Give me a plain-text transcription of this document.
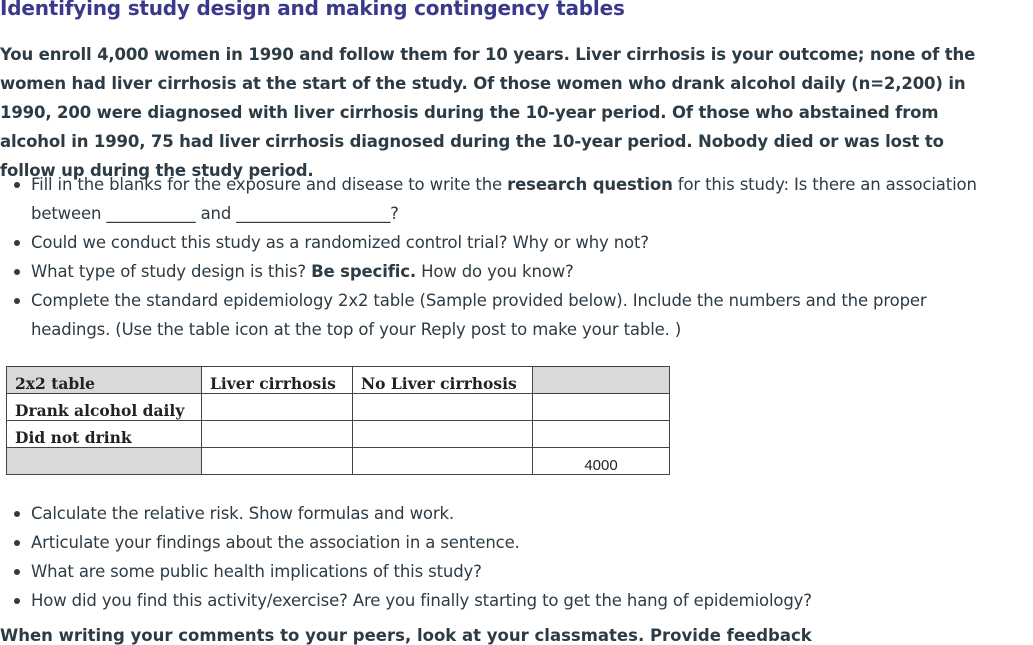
Identifying study design and making contingency tables

You enroll 4,000 women in 1990 and follow them for 10 years. Liver cirrhosis is your outcome; none of the women had liver cirrhosis at the start of the study. Of those women who drank alcohol daily (n=2,200) in 1990, 200 were diagnosed with liver cirrhosis during the 10-year period. Of those who abstained from alcohol in 1990, 75 had liver cirrhosis diagnosed during the 10-year period. Nobody died or was lost to follow up during the study period.

Fill in the blanks for the exposure and disease to write the research question for this study: Is there an association between ___________ and ___________________?
Could we conduct this study as a randomized control trial? Why or why not?
What type of study design is this? Be specific. How do you know?
Complete the standard epidemiology 2x2 table (Sample provided below). Include the numbers and the proper headings. (Use the table icon at the top of your Reply post to make your table. )
2x2 table	Liver cirrhosis	No Liver cirrhosis	
Drank alcohol daily			
Did not drink			
			4000
Calculate the relative risk. Show formulas and work.
Articulate your findings about the association in a sentence.
What are some public health implications of this study?
How did you find this activity/exercise? Are you finally starting to get the hang of epidemiology?
When writing your comments to your peers, look at your classmates. Provide feedback
